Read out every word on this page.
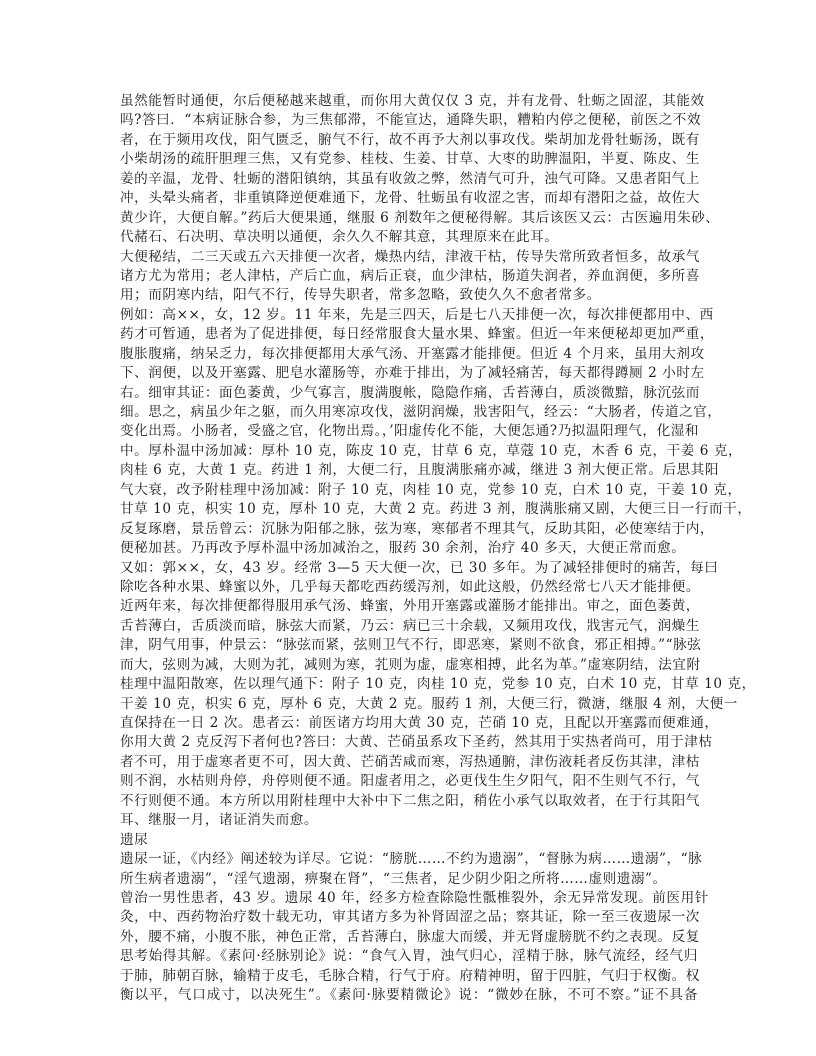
虽然能暂时通便，尔后便秘越来越重，而你用大黄仅仅 3 克，并有龙骨、牡蛎之固涩，其能效
吗?答曰．“本病证脉合参，为三焦郁滞，不能宣达，通降失职，糟粕内停之便秘，前医之不效
者，在于频用攻伐，阳气匮乏，腑气不行，故不再予大剂以事攻伐。柴胡加龙骨牡蛎汤，既有
小柴胡汤的疏肝胆理三焦，又有党参、桂枝、生姜、甘草、大枣的助脾温阳，半夏、陈皮、生
姜的辛温，龙骨、牡蛎的潜阳镇纳，其虽有收敛之弊，然清气可升，浊气可降。又患者阳气上
冲，头晕头痛者，非重镇降逆便难通下，龙骨、牡蛎虽有收涩之害，而却有潜阳之益，故佐大
黄少许，大便自解。”药后大便果通，继服 6 剂数年之便秘得解。其后该医又云：古医遍用朱砂、
代赭石、石决明、草决明以通便，余久久不解其意，其理原来在此耳。
大便秘结，二三天或五六天排便一次者，燥热内结，津液干枯，传导失常所致者恒多，故承气
诸方尤为常用；老人津枯，产后亡血，病后正衰，血少津枯，肠道失润者，养血润便，多所喜
用；而阴寒内结，阳气不行，传导失职者，常多忽略，致使久久不愈者常多。
例如：高××，女，12 岁。11 年来，先是三四天，后是七八天排便一次，每次排便都用中、西
药才可暂通，患者为了促进排便，每日经常服食大量水果、蜂蜜。但近一年来便秘却更加严重，
腹胀腹痛，纳呆乏力，每次排便都用大承气汤、开塞露才能排便。但近 4 个月来，虽用大剂攻
下、润便，以及开塞露、肥皂水灌肠等，亦难于排出，为了减轻痛苦，每天都得蹲厕 2 小时左
右。细审其证：面色萎黄，少气寡言，腹满腹帐，隐隐作痛，舌苔薄白，质淡微黯，脉沉弦而
细。思之，病虽少年之躯，而久用寒凉攻伐，滋阴润燥，戕害阳气，经云：“大肠者，传道之官，
变化出焉。小肠者，受盛之官，化物出焉。，’阳虚传化不能，大便怎通?乃拟温阳理气，化湿和
中。厚朴温中汤加减：厚朴 10 克，陈皮 10 克，甘草 6 克，草蔻 10 克，木香 6 克，干姜 6 克，
肉桂 6 克，大黄 1 克。药进 1 剂，大便二行，且腹满胀痛亦减，继进 3 剂大便正常。后思其阳
气大衰，改予附桂理中汤加减：附子 10 克，肉桂 10 克，党参 10 克，白术 10 克，干姜 10 克，
甘草 10 克，枳实 10 克，厚朴 10 克，大黄 2 克。药进 3 剂，腹满胀痛又剧，大便三日一行而干，
反复琢磨，景岳曾云：沉脉为阳郁之脉，弦为寒，寒郁者不理其气，反助其阳，必使寒结于内，
便秘加甚。乃再改予厚朴温中汤加减治之，服药 30 余剂，治疗 40 多天，大便正常而愈。
又如：郭××，女，43 岁。经常 3—5 天大便一次，已 30 多年。为了减轻排便时的痛苦，每曰
除吃各种水果、蜂蜜以外，几乎每天都吃西药缓泻剂，如此这般，仍然经常七八天才能排便。
近两年来，每次排便都得服用承气汤、蜂蜜，外用开塞露或灌肠才能排出。审之，面色萎黄，
舌苔薄白，舌质淡而暗，脉弦大而紧，乃云：病已三十余载，又频用攻伐，戕害元气，润燥生
津，阴气用事，仲景云：“脉弦而紧，弦则卫气不行，即恶寒，紧则不欲食，邪正相搏。”“脉弦
而大，弦则为减，大则为芤，减则为寒，芤则为虚，虚寒相搏，此名为革。”虚寒阴结，法宜附
桂理中温阳散寒，佐以理气通下：附子 10 克，肉桂 10 克，党参 10 克，白术 10 克，甘草 10 克，
干姜 10 克，枳实 6 克，厚朴 6 克，大黄 2 克。服药 1 剂，大便三行，微溏，继服 4 剂，大便一
直保持在一日 2 次。患者云：前医诸方均用大黄 30 克，芒硝 10 克，且配以开塞露而便难通，
你用大黄 2 克反泻下者何也?答曰：大黄、芒硝虽系攻下圣药，然其用于实热者尚可，用于津枯
者不可，用于虚寒者更不可，因大黄、芒硝苦咸而寒，泻热通腑，津伤液耗者反伤其津，津枯
则不润，水枯则舟停，舟停则便不通。阳虚者用之，必更伐生生夕阳气，阳不生则气不行，气
不行则便不通。本方所以用附桂理中大补中下二焦之阳，稍佐小承气以取效者，在于行其阳气
耳、继服一月，诸证消失而愈。
遗尿
遗尿一证，《内经》阐述较为详尽。它说：“膀胱……不约为遗溺”，“督脉为病……遗溺”，“脉
所生病者遗溺”，“淫气遗溺，痹聚在肾”，“三焦者，足少阴少阳之所将……虚则遗溺”。
曾治一男性患者，43 岁。遗尿 40 年，经多方检查除隐性骶椎裂外，余无异常发现。前医用针
灸，中、西药物治疗数十载无功，审其诸方多为补肾固涩之品；察其证，除一至三夜遗尿一次
外，腰不痛，小腹不胀，神色正常，舌苔薄白，脉虚大而缓，并无肾虚膀胱不约之表现。反复
思考始得其解。《素问·经脉别论》说：“食气入胃，浊气归心，淫精于脉，脉气流经，经气归
于肺，肺朝百脉，输精于皮毛，毛脉合精，行气于府。府精神明，留于四脏，气归于权衡。权
衡以平，气口成寸，以决死生”。《素问·脉要精微论》说：“微妙在脉，不可不察。”证不具备
